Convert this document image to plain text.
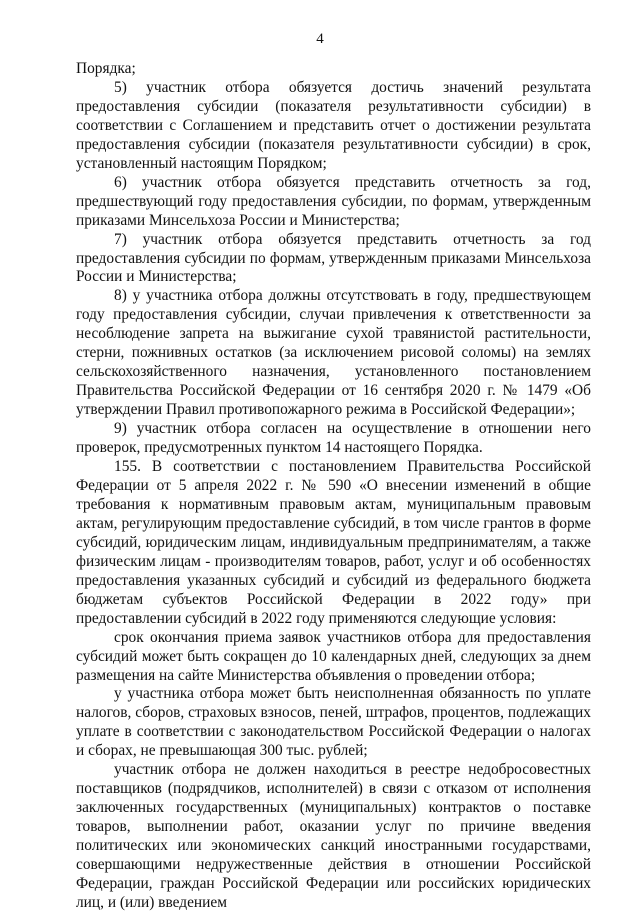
4

Порядка;

5) участник отбора обязуется достичь значений результата предоставления субсидии (показателя результативности субсидии) в соответствии с Соглашением и представить отчет о достижении результата предоставления субсидии (показателя результативности субсидии) в срок, установленный настоящим Порядком;

6) участник отбора обязуется представить отчетность за год, предшествующий году предоставления субсидии, по формам, утвержденным приказами Минсельхоза России и Министерства;

7) участник отбора обязуется представить отчетность за год предоставления субсидии по формам, утвержденным приказами Минсельхоза России и Министерства;

8) у участника отбора должны отсутствовать в году, предшествующем году предоставления субсидии, случаи привлечения к ответственности за несоблюдение запрета на выжигание сухой травянистой растительности, стерни, пожнивных остатков (за исключением рисовой соломы) на землях сельскохозяйственного назначения, установленного постановлением Правительства Российской Федерации от 16 сентября 2020 г. № 1479 «Об утверждении Правил противопожарного режима в Российской Федерации»;

9) участник отбора согласен на осуществление в отношении него проверок, предусмотренных пунктом 14 настоящего Порядка.

155. В соответствии с постановлением Правительства Российской Федерации от 5 апреля 2022 г. № 590 «О внесении изменений в общие требования к нормативным правовым актам, муниципальным правовым актам, регулирующим предоставление субсидий, в том числе грантов в форме субсидий, юридическим лицам, индивидуальным предпринимателям, а также физическим лицам - производителям товаров, работ, услуг и об особенностях предоставления указанных субсидий и субсидий из федерального бюджета бюджетам субъектов Российской Федерации в 2022 году» при предоставлении субсидий в 2022 году применяются следующие условия:

срок окончания приема заявок участников отбора для предоставления субсидий может быть сокращен до 10 календарных дней, следующих за днем размещения на сайте Министерства объявления о проведении отбора;

у участника отбора может быть неисполненная обязанность по уплате налогов, сборов, страховых взносов, пеней, штрафов, процентов, подлежащих уплате в соответствии с законодательством Российской Федерации о налогах и сборах, не превышающая 300 тыс. рублей;

участник отбора не должен находиться в реестре недобросовестных поставщиков (подрядчиков, исполнителей) в связи с отказом от исполнения заключенных государственных (муниципальных) контрактов о поставке товаров, выполнении работ, оказании услуг по причине введения политических или экономических санкций иностранными государствами, совершающими недружественные действия в отношении Российской Федерации, граждан Российской Федерации или российских юридических лиц, и (или) введением
